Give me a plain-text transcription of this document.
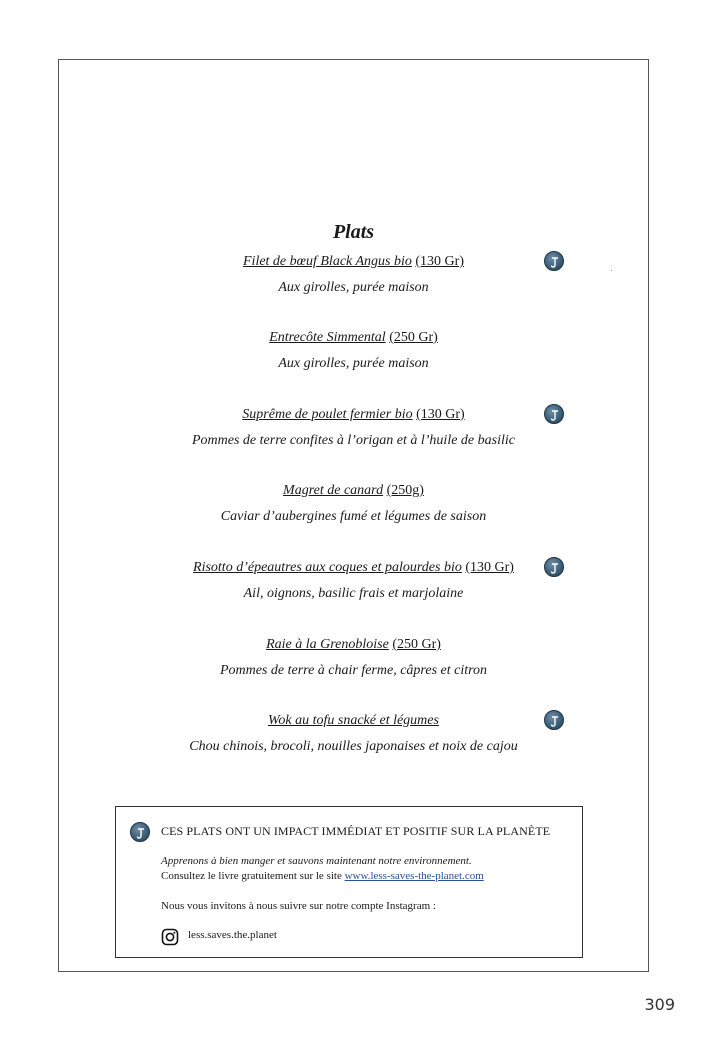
Plats
Filet de bœuf Black Angus bio (130 Gr)
Aux girolles, purée maison
Entrecôte Simmental (250 Gr)
Aux girolles, purée maison
Suprême de poulet fermier bio (130 Gr)
Pommes de terre confites à l’origan et à l’huile de basilic
Magret de canard (250g)
Caviar d’aubergines fumé et légumes de saison
Risotto d’épeautres aux coques et palourdes bio (130 Gr)
Ail, oignons, basilic frais et marjolaine
Raie à la Grenobloise (250 Gr)
Pommes de terre à chair ferme, câpres et citron
Wok au tofu snacké et légumes
Chou chinois, brocoli, nouilles japonaises et noix de cajou
CES PLATS ONT UN IMPACT IMMÉDIAT ET POSITIF SUR LA PLANÈTE
Apprenons à bien manger et sauvons maintenant notre environnement.
Consultez le livre gratuitement sur le site www.less-saves-the-planet.com
Nous vous invitons à nous suivre sur notre compte Instagram :
less.saves.the.planet
309
